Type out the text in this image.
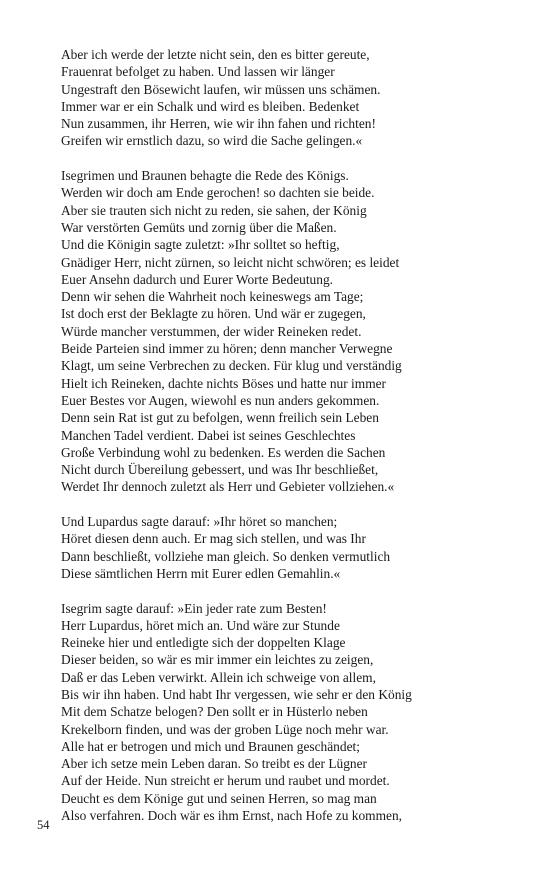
Aber ich werde der letzte nicht sein, den es bitter gereute,
Frauenrat befolget zu haben. Und lassen wir länger
Ungestraft den Bösewicht laufen, wir müssen uns schämen.
Immer war er ein Schalk und wird es bleiben. Bedenket
Nun zusammen, ihr Herren, wie wir ihn fahen und richten!
Greifen wir ernstlich dazu, so wird die Sache gelingen.«
Isegrimen und Braunen behagte die Rede des Königs.
Werden wir doch am Ende gerochen! so dachten sie beide.
Aber sie trauten sich nicht zu reden, sie sahen, der König
War verstörten Gemüts und zornig über die Maßen.
Und die Königin sagte zuletzt: »Ihr solltet so heftig,
Gnädiger Herr, nicht zürnen, so leicht nicht schwören; es leidet
Euer Ansehn dadurch und Eurer Worte Bedeutung.
Denn wir sehen die Wahrheit noch keineswegs am Tage;
Ist doch erst der Beklagte zu hören. Und wär er zugegen,
Würde mancher verstummen, der wider Reineken redet.
Beide Parteien sind immer zu hören; denn mancher Verwegne
Klagt, um seine Verbrechen zu decken. Für klug und verständig
Hielt ich Reineken, dachte nichts Böses und hatte nur immer
Euer Bestes vor Augen, wiewohl es nun anders gekommen.
Denn sein Rat ist gut zu befolgen, wenn freilich sein Leben
Manchen Tadel verdient. Dabei ist seines Geschlechtes
Große Verbindung wohl zu bedenken. Es werden die Sachen
Nicht durch Übereilung gebessert, und was Ihr beschließet,
Werdet Ihr dennoch zuletzt als Herr und Gebieter vollziehen.«
Und Lupardus sagte darauf: »Ihr höret so manchen;
Höret diesen denn auch. Er mag sich stellen, und was Ihr
Dann beschließt, vollziehe man gleich. So denken vermutlich
Diese sämtlichen Herrn mit Eurer edlen Gemahlin.«
Isegrim sagte darauf: »Ein jeder rate zum Besten!
Herr Lupardus, höret mich an. Und wäre zur Stunde
Reineke hier und entledigte sich der doppelten Klage
Dieser beiden, so wär es mir immer ein leichtes zu zeigen,
Daß er das Leben verwirkt. Allein ich schweige von allem,
Bis wir ihn haben. Und habt Ihr vergessen, wie sehr er den König
Mit dem Schatze belogen? Den sollt er in Hüsterlo neben
Krekelborn finden, und was der groben Lüge noch mehr war.
Alle hat er betrogen und mich und Braunen geschändet;
Aber ich setze mein Leben daran. So treibt es der Lügner
Auf der Heide. Nun streicht er herum und raubet und mordet.
Deucht es dem Könige gut und seinen Herren, so mag man
Also verfahren. Doch wär es ihm Ernst, nach Hofe zu kommen,
54
